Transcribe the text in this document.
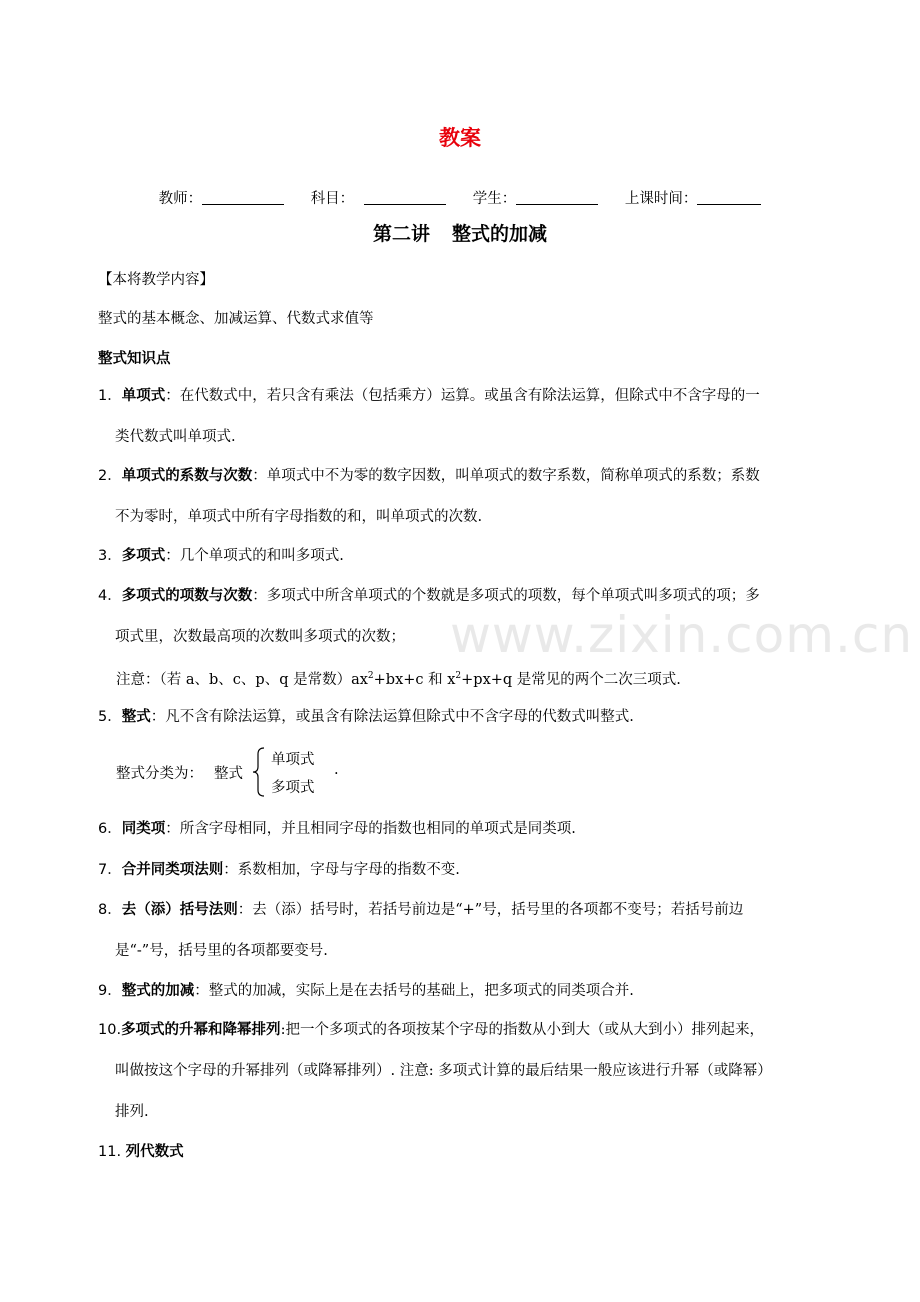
教案
教师：	科目：	学生：	上课时间：
第二讲 整式的加减
【本将教学内容】
整式的基本概念、加减运算、代数式求值等
整式知识点
www.zixin.com.cn
1．单项式：在代数式中，若只含有乘法（包括乘方）运算。或虽含有除法运算，但除式中不含字母的一
类代数式叫单项式.
2．单项式的系数与次数：单项式中不为零的数字因数，叫单项式的数字系数，简称单项式的系数；系数
不为零时，单项式中所有字母指数的和，叫单项式的次数.
3．多项式：几个单项式的和叫多项式.
4．多项式的项数与次数：多项式中所含单项式的个数就是多项式的项数，每个单项式叫多项式的项；多
项式里，次数最高项的次数叫多项式的次数；
注意：（若 a、b、c、p、q 是常数）$ax^2+bx+c$ 和 $x^2+px+q$ 是常见的两个二次三项式.
5．整式：凡不含有除法运算，或虽含有除法运算但除式中不含字母的代数式叫整式.
整式分类为： 整式
单项式
多项式
.
6．同类项：所含字母相同，并且相同字母的指数也相同的单项式是同类项.
7．合并同类项法则：系数相加，字母与字母的指数不变.
8．去（添）括号法则：去（添）括号时，若括号前边是“+”号，括号里的各项都不变号；若括号前边
是“-”号，括号里的各项都要变号.
9．整式的加减：整式的加减，实际上是在去括号的基础上，把多项式的同类项合并.
10.多项式的升幂和降幂排列:把一个多项式的各项按某个字母的指数从小到大（或从大到小）排列起来，
叫做按这个字母的升幂排列（或降幂排列）. 注意: 多项式计算的最后结果一般应该进行升幂（或降幂）
排列.
11. 列代数式
